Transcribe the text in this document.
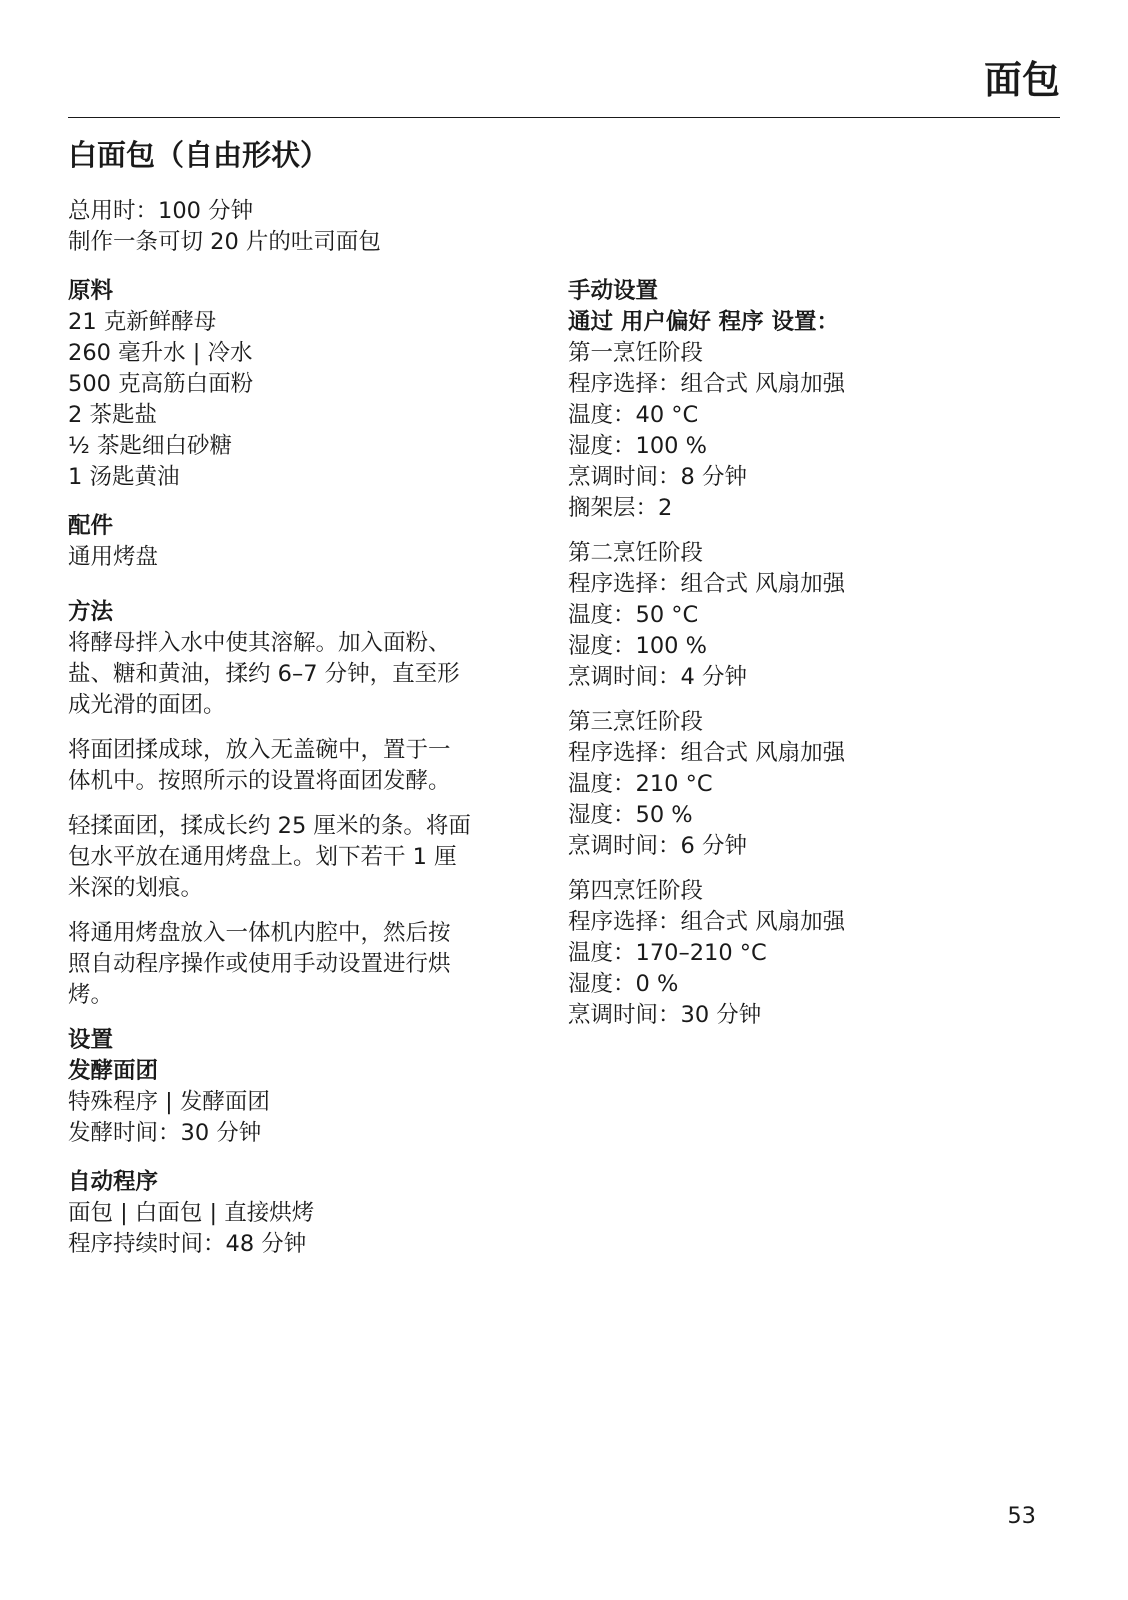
面包
白面包（自由形状）
总用时：100 分钟
制作一条可切 20 片的吐司面包
原料
21 克新鲜酵母
260 毫升水 | 冷水
500 克高筋白面粉
2 茶匙盐
½ 茶匙细白砂糖
1 汤匙黄油
配件
通用烤盘
方法
将酵母拌入水中使其溶解。加入面粉、
盐、糖和黄油，揉约 6–7 分钟，直至形
成光滑的面团。
将面团揉成球，放入无盖碗中，置于一
体机中。按照所示的设置将面团发酵。
轻揉面团，揉成长约 25 厘米的条。将面
包水平放在通用烤盘上。划下若干 1 厘
米深的划痕。
将通用烤盘放入一体机内腔中，然后按
照自动程序操作或使用手动设置进行烘
烤。
设置
发酵面团
特殊程序 | 发酵面团
发酵时间：30 分钟
自动程序
面包 | 白面包 | 直接烘烤
程序持续时间：48 分钟
手动设置
通过 用户偏好 程序 设置：
第一烹饪阶段
程序选择：组合式 风扇加强
温度：40 °C
湿度：100 %
烹调时间：8 分钟
搁架层：2
第二烹饪阶段
程序选择：组合式 风扇加强
温度：50 °C
湿度：100 %
烹调时间：4 分钟
第三烹饪阶段
程序选择：组合式 风扇加强
温度：210 °C
湿度：50 %
烹调时间：6 分钟
第四烹饪阶段
程序选择：组合式 风扇加强
温度：170–210 °C
湿度：0 %
烹调时间：30 分钟
53
